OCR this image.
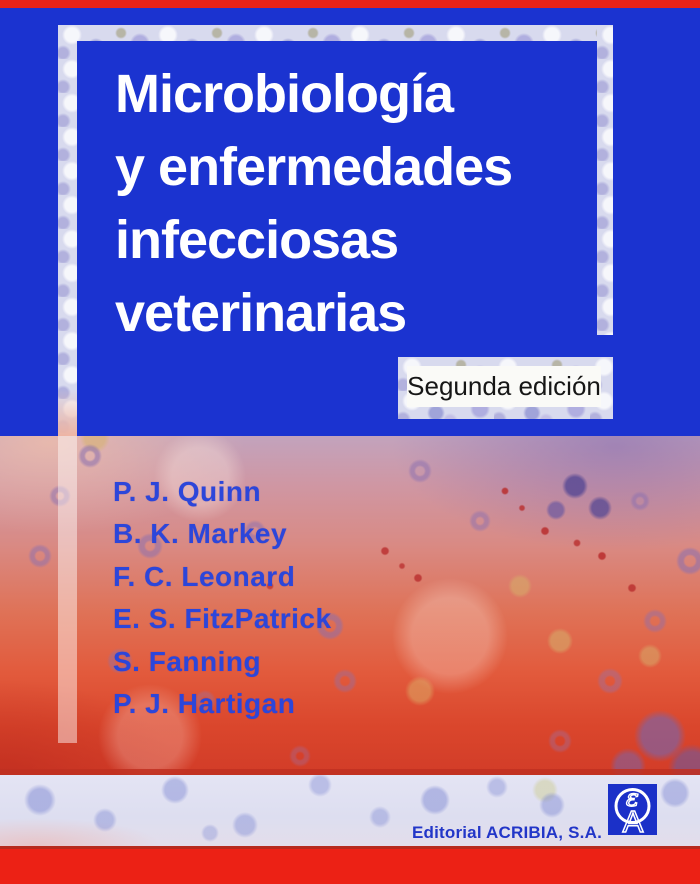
Microbiología
y enfermedades
infecciosas
veterinarias
Segunda edición
P. J. Quinn
B. K. Markey
F. C. Leonard
E. S. FitzPatrick
S. Fanning
P. J. Hartigan
Editorial ACRIBIA, S.A.
ε
A
